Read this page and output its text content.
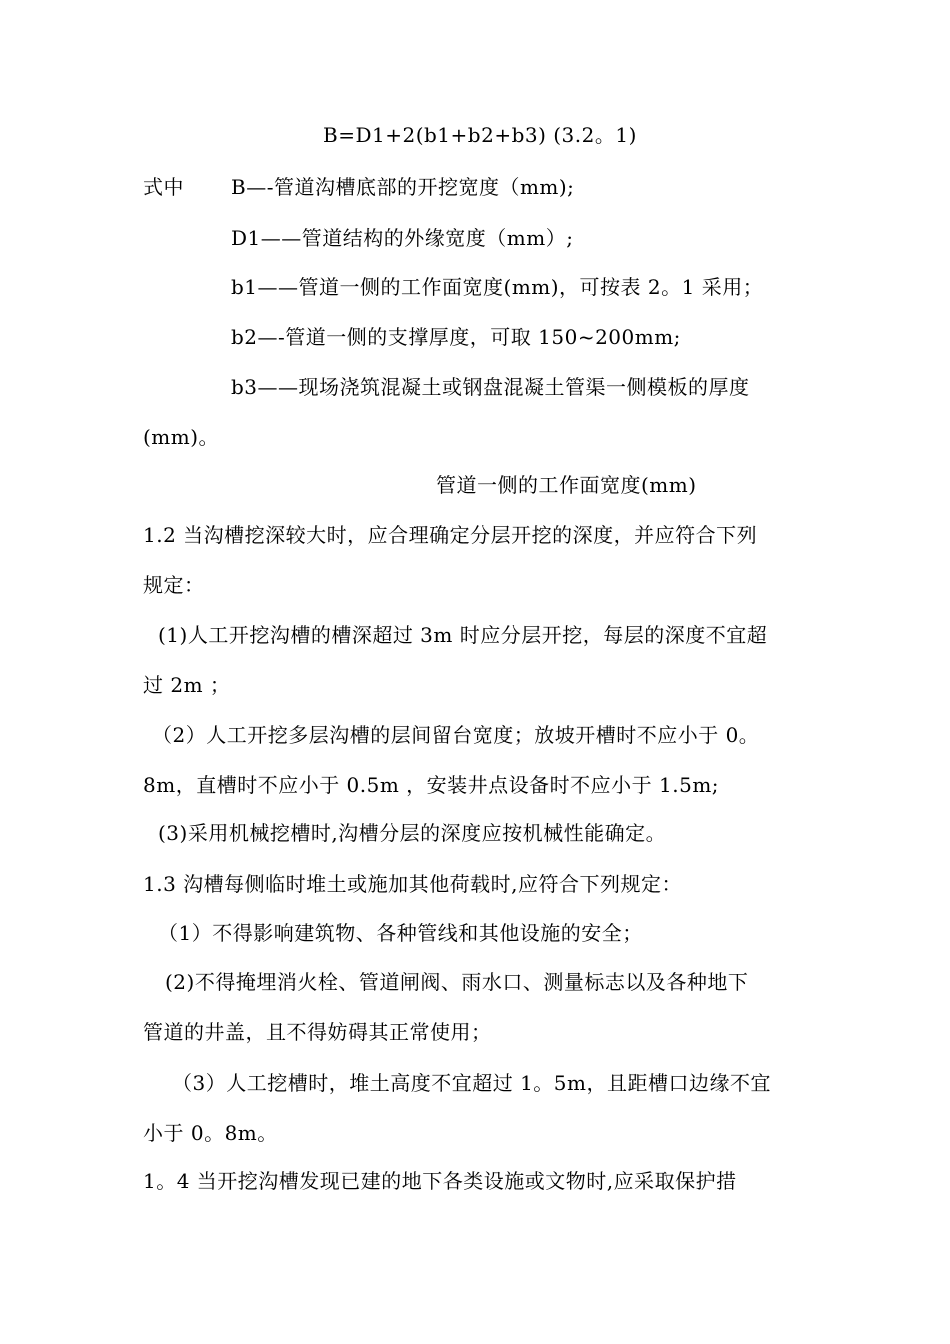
B=D1+2(b1+b2+b3) (3.2。1)
式中 B—-管道沟槽底部的开挖宽度（mm);
D1——管道结构的外缘宽度（mm）;
b1——管道一侧的工作面宽度(mm)，可按表 2。1 采用；
b2—-管道一侧的支撑厚度，可取 150~200mm;
b3——现场浇筑混凝土或钢盘混凝土管渠一侧模板的厚度
(mm)。
管道一侧的工作面宽度(mm)
1.2 当沟槽挖深较大时，应合理确定分层开挖的深度，并应符合下列
规定：
(1)人工开挖沟槽的槽深超过 3m 时应分层开挖，每层的深度不宜超
过 2m ；
（2）人工开挖多层沟槽的层间留台宽度；放坡开槽时不应小于 0。
8m，直槽时不应小于 0.5m ，安装井点设备时不应小于 1.5m;
(3)采用机械挖槽时,沟槽分层的深度应按机械性能确定。
1.3 沟槽每侧临时堆土或施加其他荷载时,应符合下列规定：
（1）不得影响建筑物、各种管线和其他设施的安全；
(2)不得掩埋消火栓、管道闸阀、雨水口、测量标志以及各种地下
管道的井盖，且不得妨碍其正常使用；
（3）人工挖槽时，堆土高度不宜超过 1。5m，且距槽口边缘不宜
小于 0。8m。
1。4 当开挖沟槽发现已建的地下各类设施或文物时,应采取保护措
